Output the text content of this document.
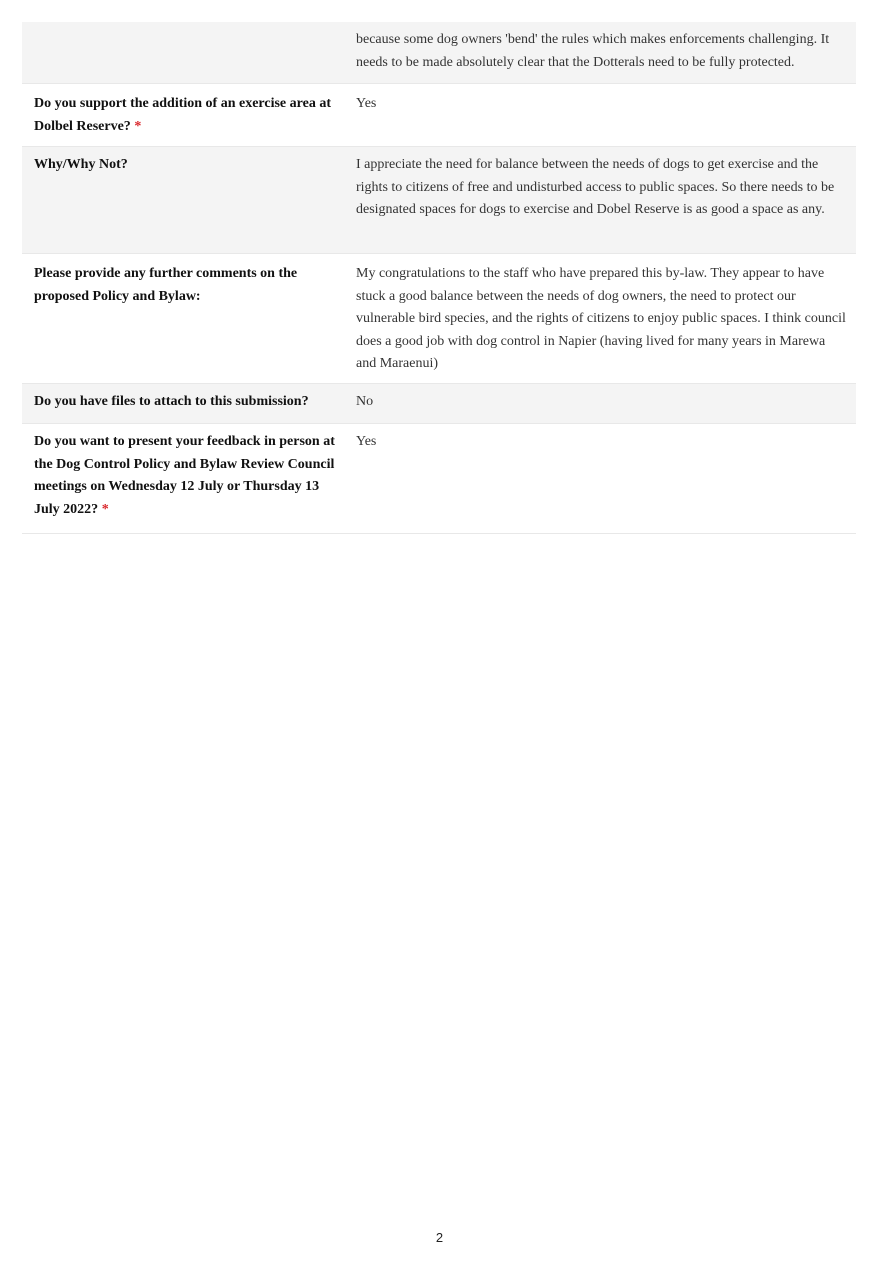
because some dog owners 'bend' the rules which makes enforcements challenging. It needs to be made absolutely clear that the Dotterals need to be fully protected.
Do you support the addition of an exercise area at Dolbel Reserve? *
Yes
Why/Why Not?	I appreciate the need for balance between the needs of dogs to get exercise and the rights to citizens of free and undisturbed access to public spaces. So there needs to be designated spaces for dogs to exercise and Dobel Reserve is as good a space as any.
Please provide any further comments on the proposed Policy and Bylaw:
My congratulations to the staff who have prepared this by-law. They appear to have stuck a good balance between the needs of dog owners, the need to protect our vulnerable bird species, and the rights of citizens to enjoy public spaces. I think council does a good job with dog control in Napier (having lived for many years in Marewa and Maraenui)
Do you have files to attach to this submission?	No
Do you want to present your feedback in person at the Dog Control Policy and Bylaw Review Council meetings on Wednesday 12 July or Thursday 13 July 2022? *
Yes
2
